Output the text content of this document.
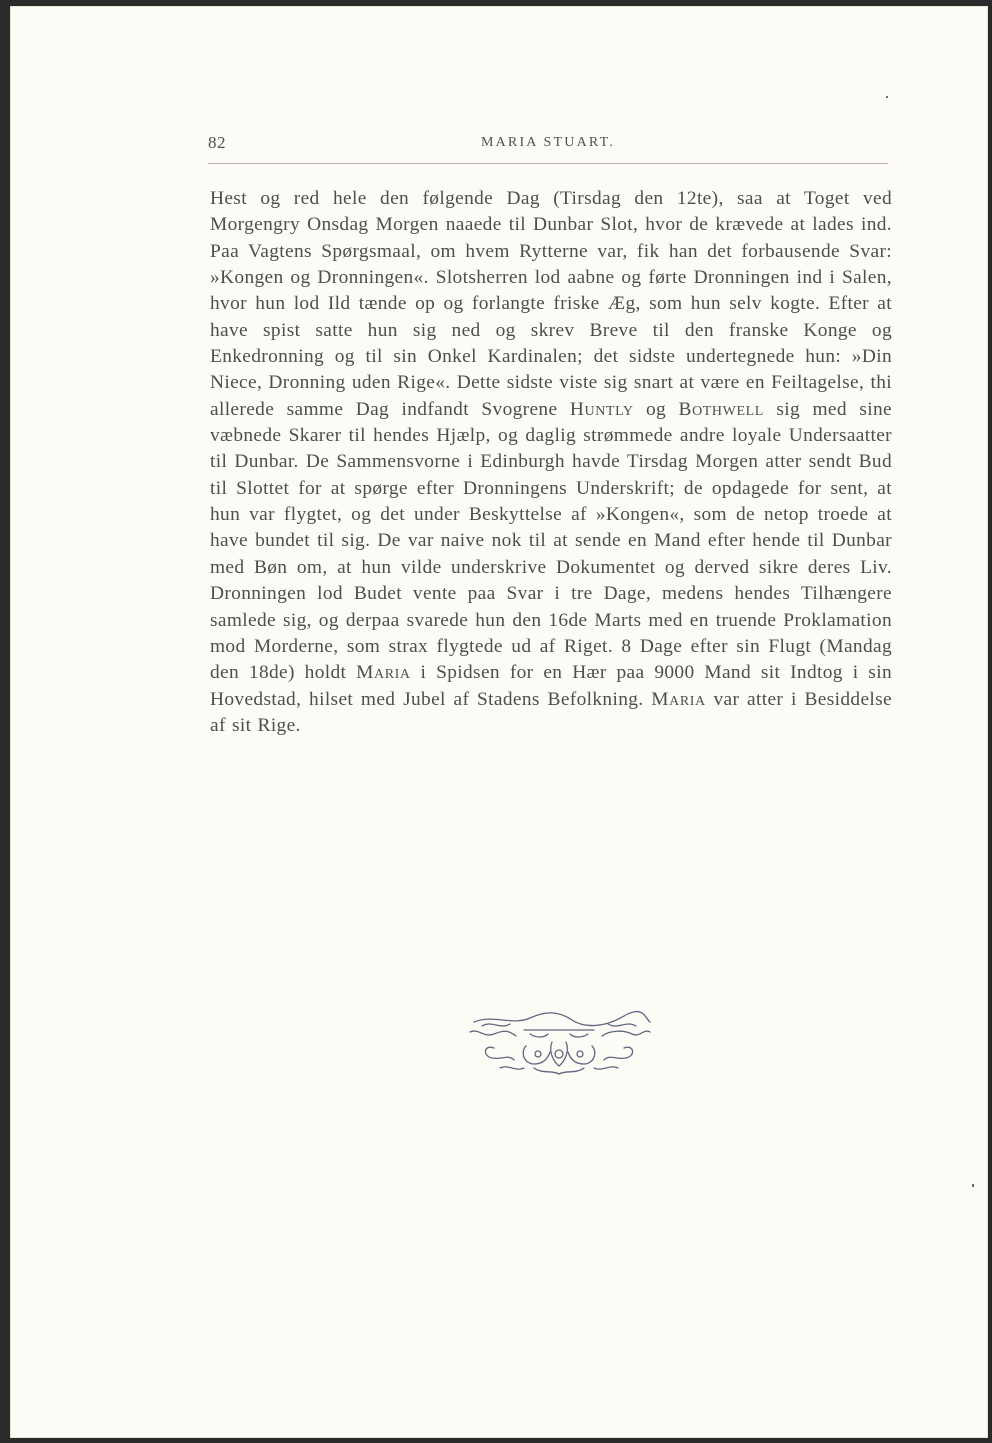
82	MARIA STUART.

Hest og red hele den følgende Dag (Tirsdag den 12te), saa at Toget ved Morgengry Onsdag Morgen naaede til Dunbar Slot, hvor de krævede at lades ind. Paa Vagtens Spørgsmaal, om hvem Rytterne var, fik han det forbausende Svar: »Kongen og Dronningen«. Slotsherren lod aabne og førte Dronningen ind i Salen, hvor hun lod Ild tænde op og forlangte friske Æg, som hun selv kogte. Efter at have spist satte hun sig ned og skrev Breve til den franske Konge og Enkedronning og til sin Onkel Kardinalen; det sidste undertegnede hun: »Din Niece, Dronning uden Rige«. Dette sidste viste sig snart at være en Feiltagelse, thi allerede samme Dag indfandt Svogrene Huntly og Bothwell sig med sine væbnede Skarer til hendes Hjælp, og daglig strømmede andre loyale Undersaatter til Dunbar. De Sammensvorne i Edinburgh havde Tirsdag Morgen atter sendt Bud til Slottet for at spørge efter Dronningens Underskrift; de opdagede for sent, at hun var flygtet, og det under Beskyttelse af »Kongen«, som de netop troede at have bundet til sig. De var naive nok til at sende en Mand efter hende til Dunbar med Bøn om, at hun vilde underskrive Dokumentet og derved sikre deres Liv. Dronningen lod Budet vente paa Svar i tre Dage, medens hendes Tilhængere samlede sig, og derpaa svarede hun den 16de Marts med en truende Proklamation mod Morderne, som strax flygtede ud af Riget. 8 Dage efter sin Flugt (Mandag den 18de) holdt Maria i Spidsen for en Hær paa 9000 Mand sit Indtog i sin Hovedstad, hilset med Jubel af Stadens Befolkning. Maria var atter i Besiddelse af sit Rige.
